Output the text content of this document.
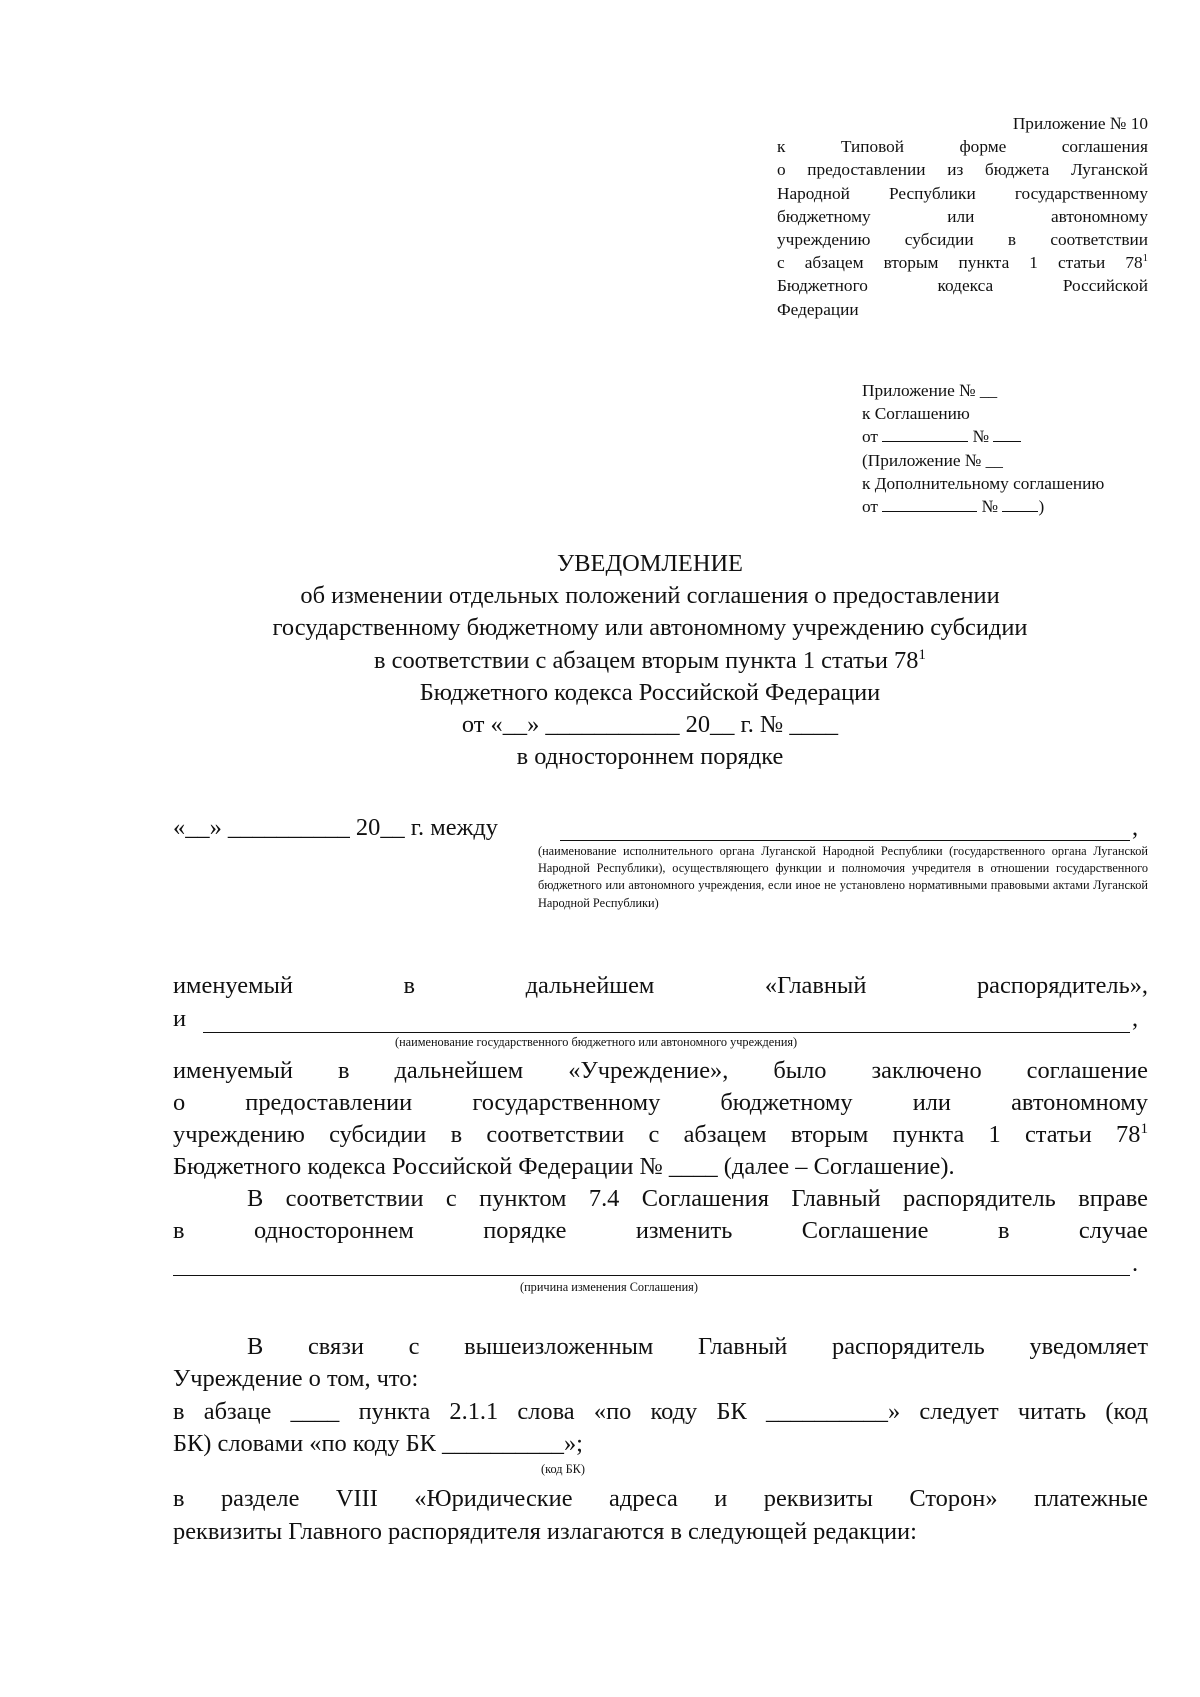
Приложение № 10
к Типовой форме соглашения
о предоставлении из бюджета Луганской
Народной Республики государственному
бюджетному или автономному
учреждению субсидии в соответствии
с абзацем вторым пункта 1 статьи $78^1$
Бюджетного кодекса Российской
Федерации
Приложение № __
к Соглашению
от	№
(Приложение № __
к Дополнительному соглашению
от	№ )
УВЕДОМЛЕНИЕ
об изменении отдельных положений соглашения о предоставлении
государственному бюджетному или автономному учреждению субсидии
в соответствии с абзацем вторым пункта 1 статьи $78^1$
Бюджетного кодекса Российской Федерации
от «__» ___________ 20__ г. № ____
в одностороннем порядке
«__» __________ 20__ г. между	,
(наименование исполнительного органа Луганской Народной Республики (государственного органа Луганской Народной Республики), осуществляющего функции и полномочия учредителя в отношении государственного бюджетного или автономного учреждения, если иное не установлено нормативными правовыми актами Луганской Народной Республики)
именуемый в дальнейшем «Главный распорядитель»,
и	,
(наименование государственного бюджетного или автономного учреждения)
именуемый в дальнейшем «Учреждение», было заключено соглашение
о предоставлении государственному бюджетному или автономному
учреждению субсидии в соответствии с абзацем вторым пункта 1 статьи $78^1$
Бюджетного кодекса Российской Федерации № ____ (далее – Соглашение).
В соответствии с пунктом 7.4 Соглашения Главный распорядитель вправе
в одностороннем порядке изменить Соглашение в случае
.
(причина изменения Соглашения)
В связи с вышеизложенным Главный распорядитель уведомляет
Учреждение о том, что:
в абзаце ____ пункта 2.1.1 слова «по коду БК __________» следует читать (код
БК) словами «по коду БК __________»;
(код БК)
в разделе VIII «Юридические адреса и реквизиты Сторон» платежные
реквизиты Главного распорядителя излагаются в следующей редакции:
